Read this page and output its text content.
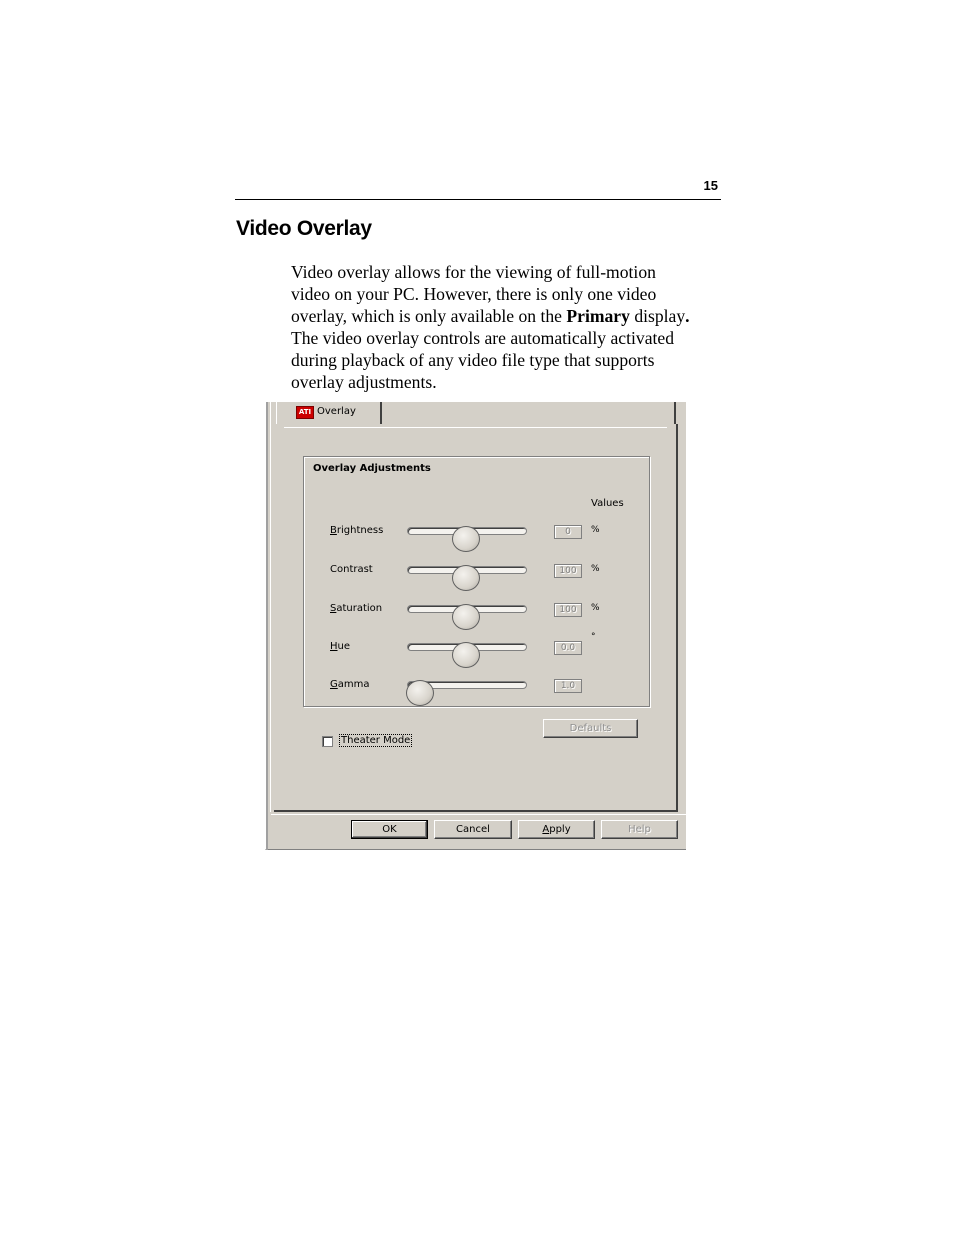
15
Video Overlay

Video overlay allows for the viewing of full-motion

video on your PC. However, there is only one video

overlay, which is only available on the Primary display.

The video overlay controls are automatically activated

during playback of any video file type that supports

overlay adjustments.

ATI Overlay
Overlay Adjustments
Values
Brightness	0	%
Contrast	100	%
Saturation	100	%
Hue	0.0
°
Gamma	1.0
Defaults
Theater Mode
OK	Cancel	Apply	Help
